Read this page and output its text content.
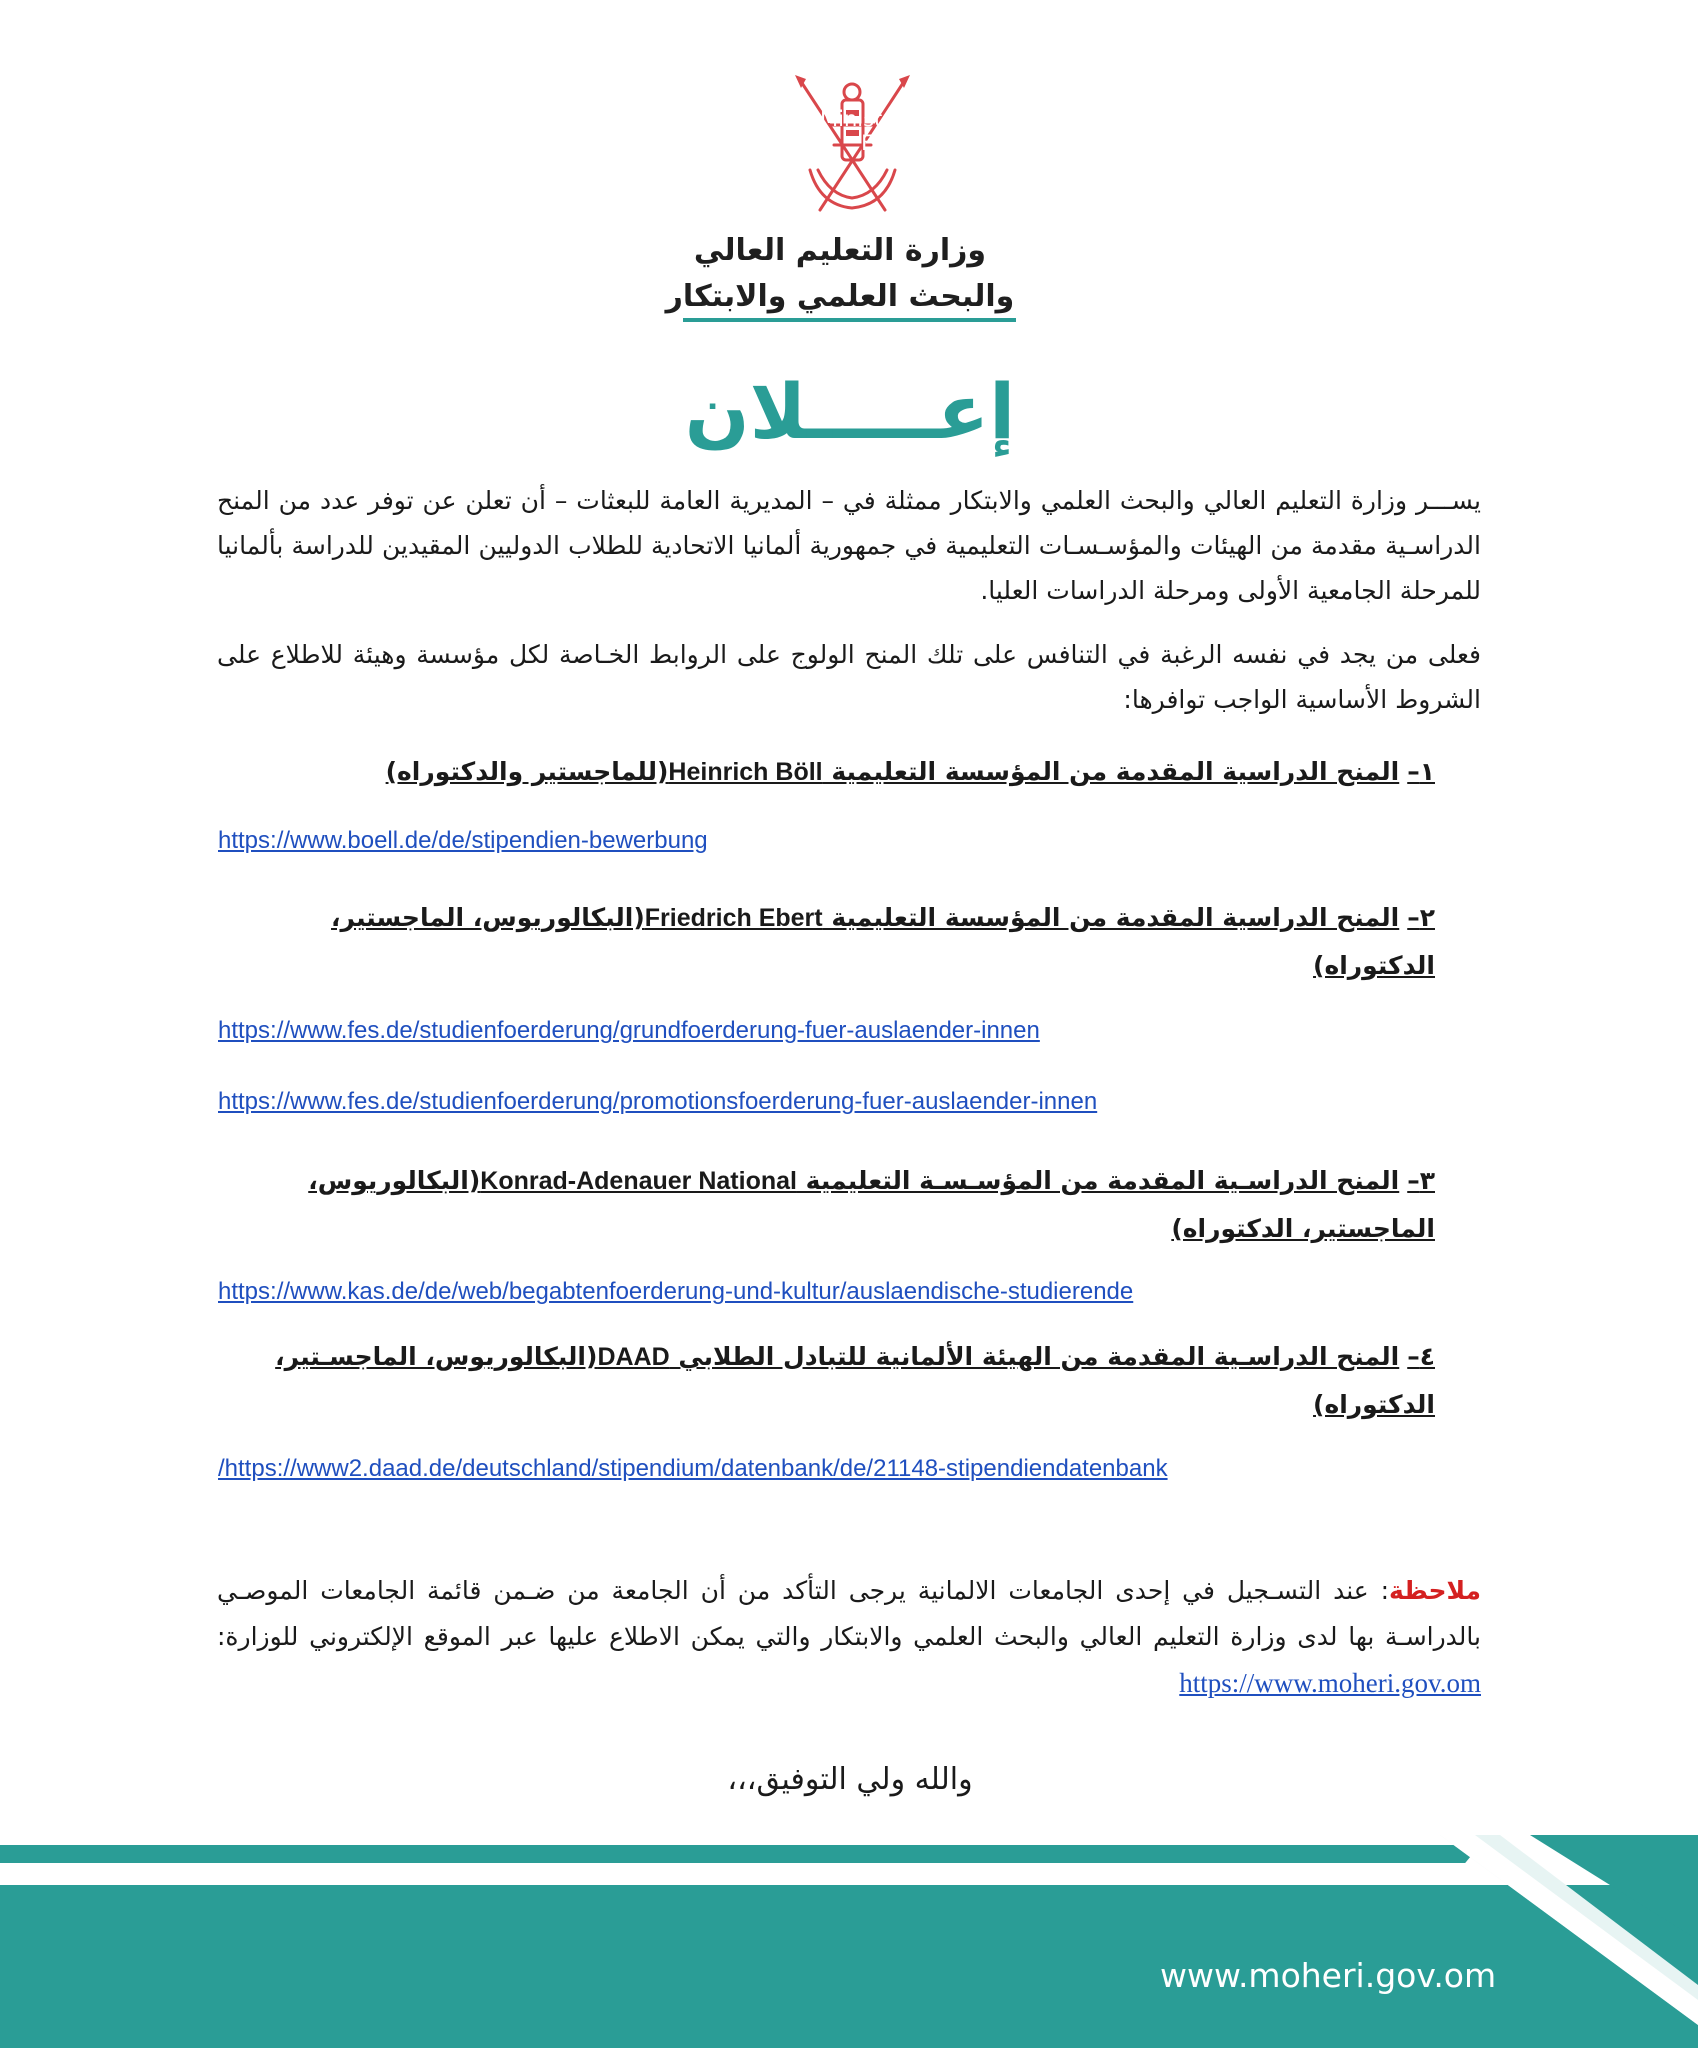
وزارة التعليم العالي
والبحث العلمي والابتكار
إعـــــلان

يســـر وزارة التعليم العالي والبحث العلمي والابتكار ممثلة في – المديرية العامة للبعثات – أن تعلن عن توفر عدد من المنح الدراسـية مقدمة من الهيئات والمؤسـسـات التعليمية في جمهورية ألمانيا الاتحادية للطلاب الدوليين المقيدين للدراسة بألمانيا للمرحلة الجامعية الأولى ومرحلة الدراسات العليا.

فعلى من يجد في نفسه الرغبة في التنافس على تلك المنح الولوج على الروابط الخـاصة لكل مؤسسة وهيئة للاطلاع على الشروط الأساسية الواجب توافرها:

١–المنح الدراسية المقدمة من المؤسسة التعليمية Heinrich Böll(للماجستير والدكتوراه)

https://www.boell.de/de/stipendien-bewerbung

٢–المنح الدراسية المقدمة من المؤسسة التعليمية Friedrich Ebert(البكالوريوس، الماجستير، الدكتوراه)

https://www.fes.de/studienfoerderung/grundfoerderung-fuer-auslaender-innen
https://www.fes.de/studienfoerderung/promotionsfoerderung-fuer-auslaender-innen

٣–المنح الدراسـية المقدمة من المؤسـسـة التعليمية Konrad-Adenauer National(البكالوريوس، الماجستير، الدكتوراه)

https://www.kas.de/de/web/begabtenfoerderung-und-kultur/auslaendische-studierende

٤–المنح الدراسـية المقدمة من الهيئة الألمانية للتبادل الطلابي DAAD(البكالوريوس، الماجسـتير، الدكتوراه)

/https://www2.daad.de/deutschland/stipendium/datenbank/de/21148-stipendiendatenbank

ملاحظة: عند التسـجيل في إحدى الجامعات الالمانية يرجى التأكد من أن الجامعة من ضـمن قائمة الجامعات الموصـي بالدراسـة بها لدى وزارة التعليم العالي والبحث العلمي والابتكار والتي يمكن الاطلاع عليها عبر الموقع الإلكتروني للوزارة: https://www.moheri.gov.om

والله ولي التوفيق،،،

Oman Ministry of
Higher Education	@mohe_oman	@omanmohe	Ministry of Higher
Education
www.moheri.gov.om
